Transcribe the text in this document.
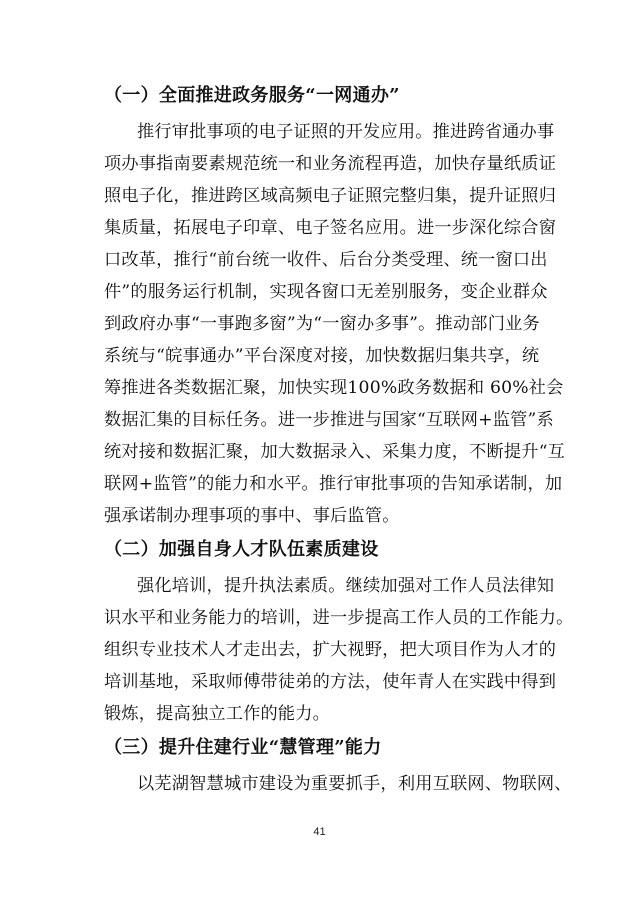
（一）全面推进政务服务“一网通办”
推行审批事项的电子证照的开发应用。推进跨省通办事
项办事指南要素规范统一和业务流程再造，加快存量纸质证
照电子化，推进跨区域高频电子证照完整归集，提升证照归
集质量，拓展电子印章、电子签名应用。进一步深化综合窗
口改革，推行“前台统一收件、后台分类受理、统一窗口出
件”的服务运行机制，实现各窗口无差别服务，变企业群众
到政府办事“一事跑多窗”为“一窗办多事”。推动部门业务
系统与“皖事通办”平台深度对接，加快数据归集共享，统
筹推进各类数据汇聚，加快实现100%政务数据和 60%社会
数据汇集的目标任务。进一步推进与国家“互联网+监管”系
统对接和数据汇聚，加大数据录入、采集力度，不断提升“互
联网+监管”的能力和水平。推行审批事项的告知承诺制，加
强承诺制办理事项的事中、事后监管。
（二）加强自身人才队伍素质建设
强化培训，提升执法素质。继续加强对工作人员法律知
识水平和业务能力的培训，进一步提高工作人员的工作能力。
组织专业技术人才走出去，扩大视野，把大项目作为人才的
培训基地，采取师傅带徒弟的方法，使年青人在实践中得到
锻炼，提高独立工作的能力。
（三）提升住建行业“慧管理”能力
以芜湖智慧城市建设为重要抓手，利用互联网、物联网、
41
